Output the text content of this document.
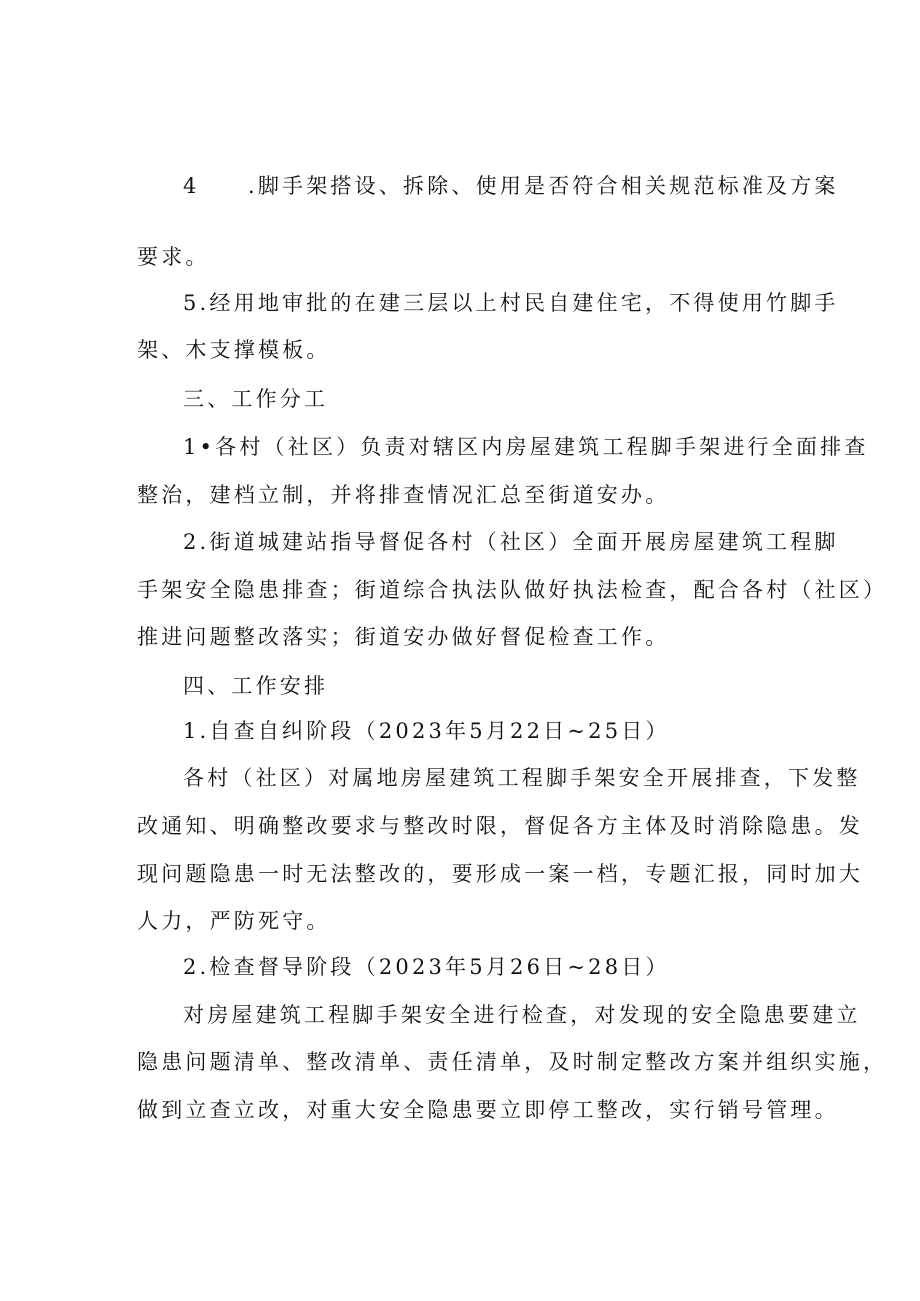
4　　.脚手架搭设、拆除、使用是否符合相关规范标准及方案
要求。
5.经用地审批的在建三层以上村民自建住宅，不得使用竹脚手
架、木支撑模板。
三、工作分工
1•各村（社区）负责对辖区内房屋建筑工程脚手架进行全面排查
整治，建档立制，并将排查情况汇总至街道安办。
2.街道城建站指导督促各村（社区）全面开展房屋建筑工程脚
手架安全隐患排查；街道综合执法队做好执法检查，配合各村（社区）
推进问题整改落实；街道安办做好督促检查工作。
四、工作安排
1.自查自纠阶段（2023年5月22日~25日）
各村（社区）对属地房屋建筑工程脚手架安全开展排查，下发整
改通知、明确整改要求与整改时限，督促各方主体及时消除隐患。发
现问题隐患一时无法整改的，要形成一案一档，专题汇报，同时加大
人力，严防死守。
2.检查督导阶段（2023年5月26日~28日）
对房屋建筑工程脚手架安全进行检查，对发现的安全隐患要建立
隐患问题清单、整改清单、责任清单，及时制定整改方案并组织实施，
做到立查立改，对重大安全隐患要立即停工整改，实行销号管理。
